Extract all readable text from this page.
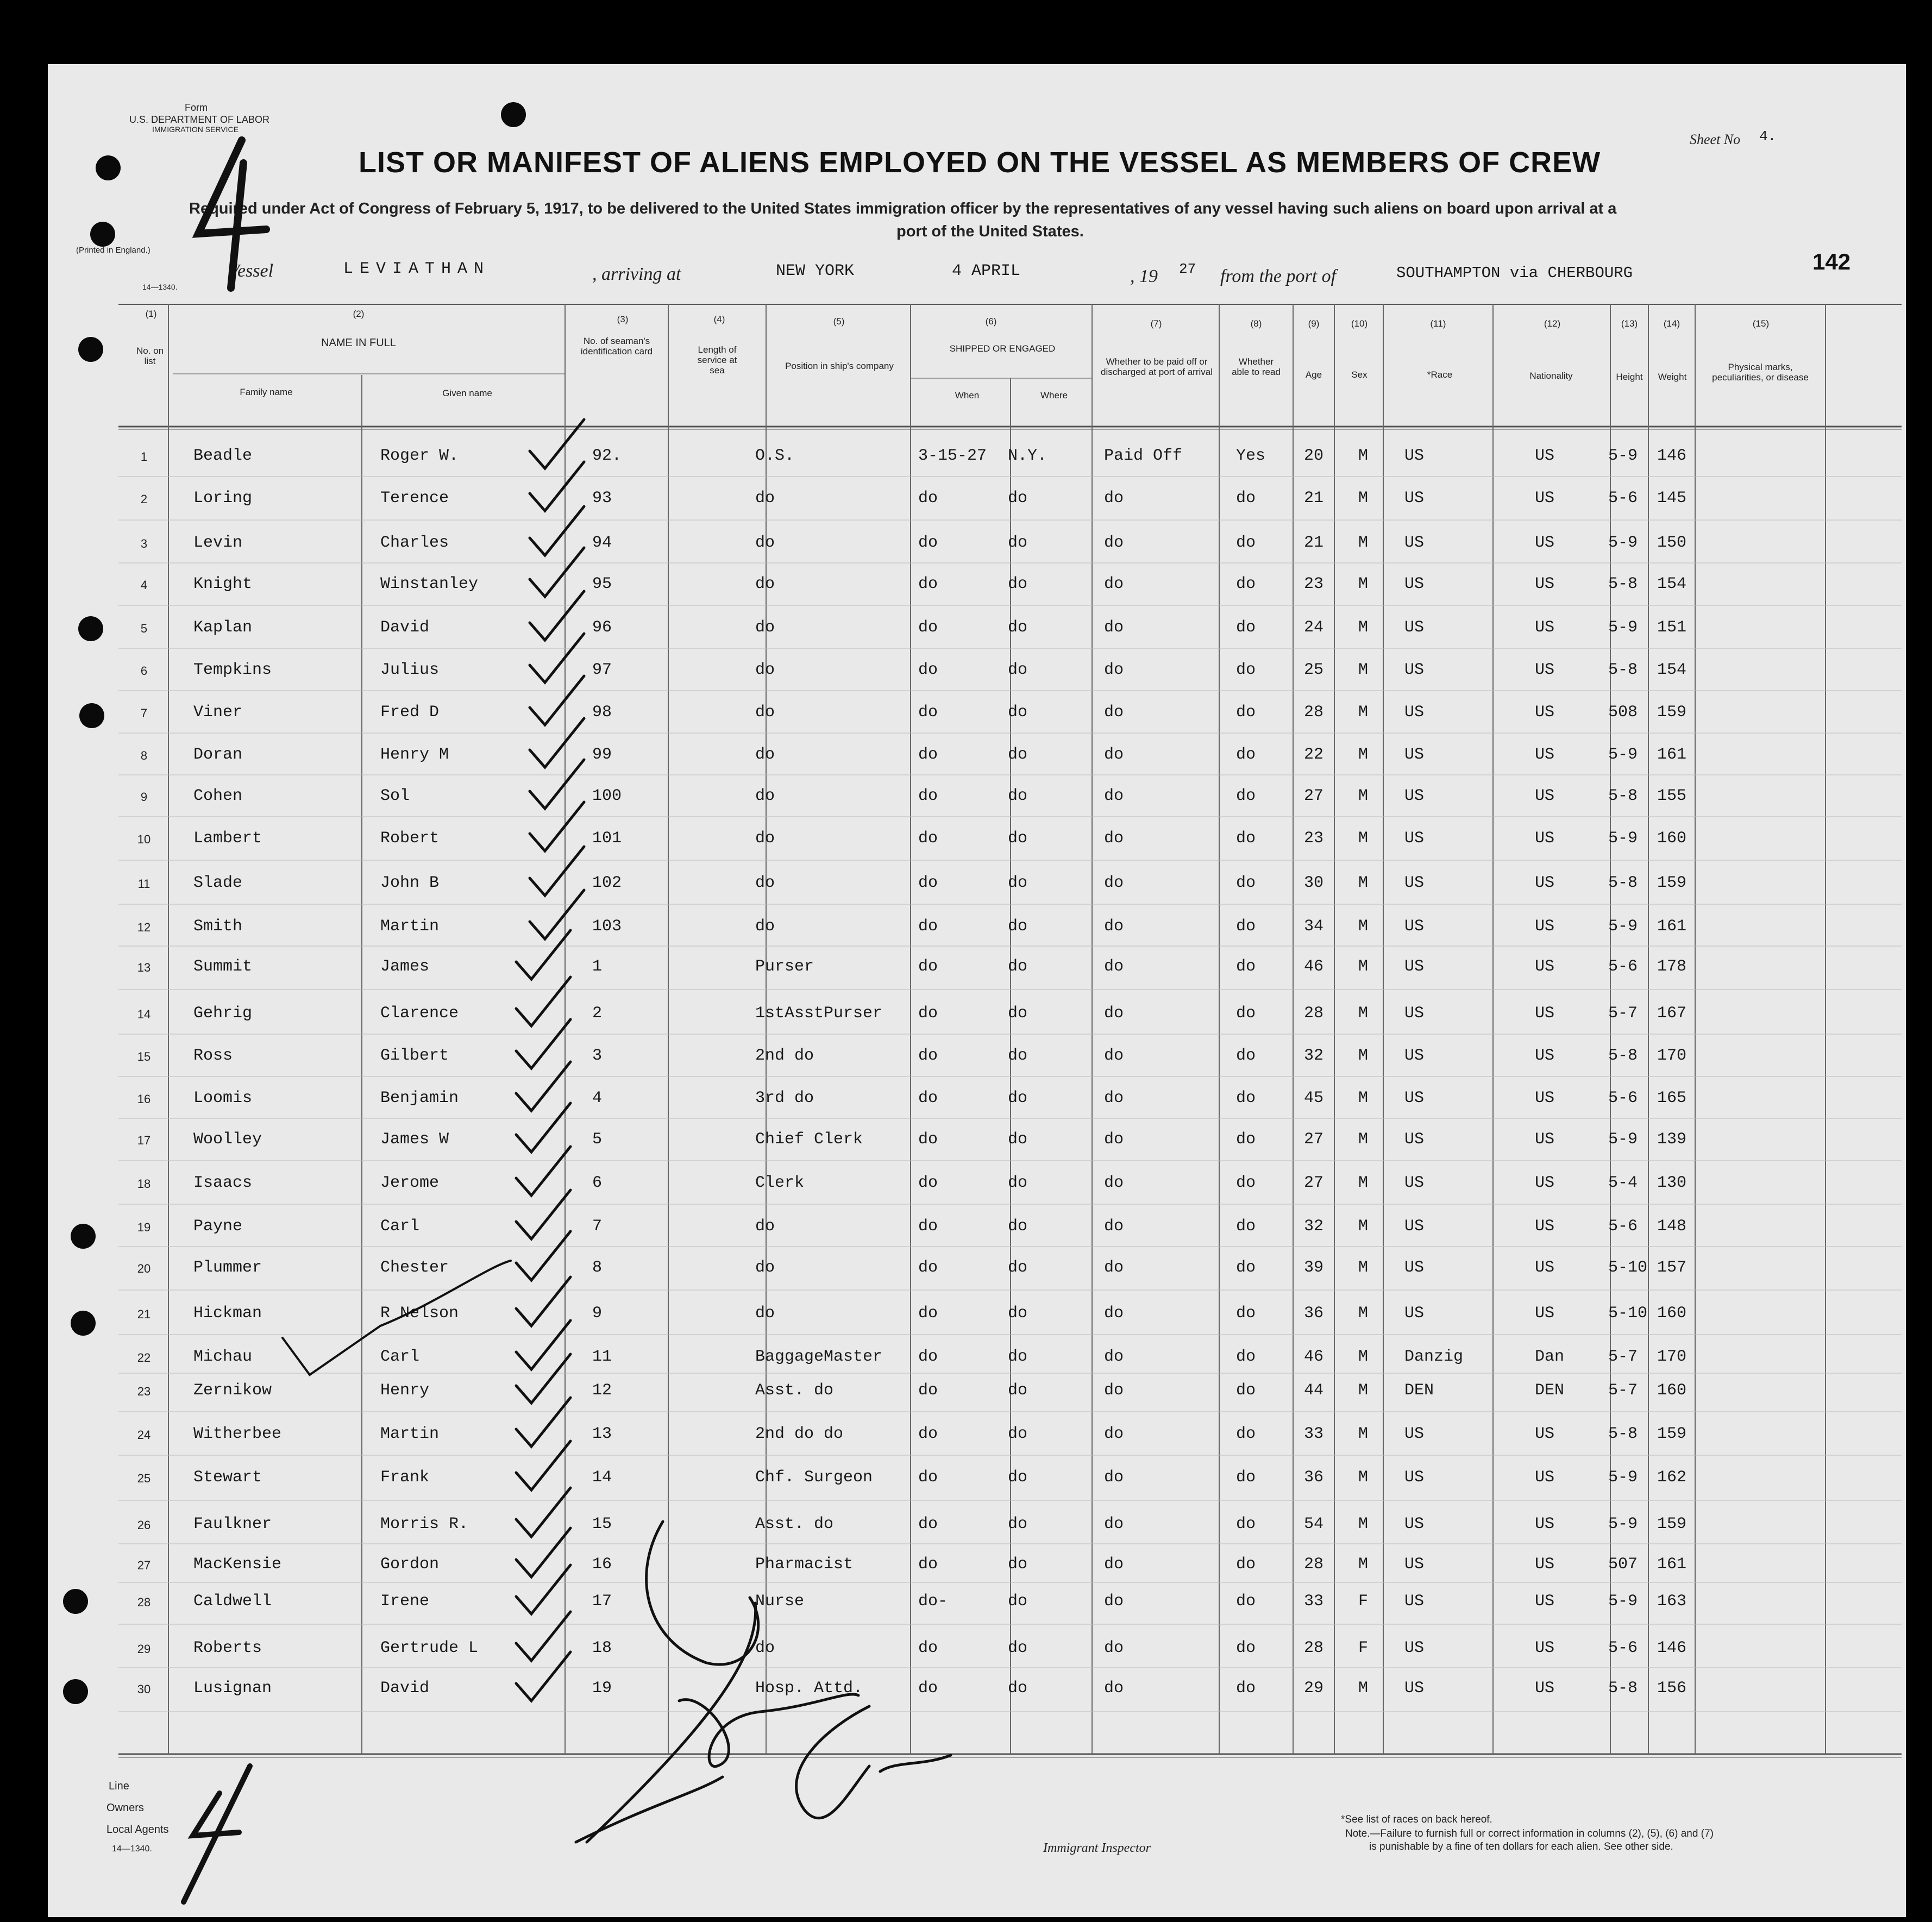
Form
U.S. DEPARTMENT OF LABOR
IMMIGRATION SERVICE
(Printed in England.)
14—1340.
LIST OR MANIFEST OF ALIENS EMPLOYED ON THE VESSEL AS MEMBERS OF CREW
Required under Act of Congress of February 5, 1917, to be delivered to the United States immigration officer by the representatives of any vessel having such aliens on board upon arrival at a
port of the United States.
Sheet No 4.
142
Vessel	LEVIATHAN	, arriving at	NEW YORK	4 APRIL	, 19 27 from the port of	SOUTHAMPTON via CHERBOURG
(1)
No. on list
(2)
NAME IN FULL
Family name	Given name
(3)
No. of seaman's identification card
(4)
Length of service at sea
(5)
Position in ship's company
(6)
SHIPPED OR ENGAGED
When	Where
(7)
Whether to be paid off or discharged at port of arrival
(8)
Whether able to read
(9)
Age
(10)
Sex
(11)
*Race
(12)
Nationality
(13)
Height
(14)
Weight
(15)
Physical marks, peculiarities, or disease
1	Beadle	Roger W.	92.	O.S.	3-15-27 N.Y.	Paid Off	Yes 20 M US	US	5-9 146
2	Loring	Terence	93	do	do	do	do	do	21 M US	US	5-6 145
3	Levin	Charles	94	do	do	do	do	do	21 M US	US	5-9 150
4	Knight	Winstanley	95	do	do	do	do	do	23 M US	US	5-8 154
5	Kaplan	David	96	do	do	do	do	do	24 M US	US	5-9 151
6	Tempkins	Julius	97	do	do	do	do	do	25 M US	US	5-8 154
7	Viner	Fred D	98	do	do	do	do	do	28 M US	US	508 159
8	Doran	Henry M	99	do	do	do	do	do	22 M US	US	5-9 161
9	Cohen	Sol	100	do	do	do	do	do	27 M US	US	5-8 155
10	Lambert	Robert	101	do	do	do	do	do	23 M US	US	5-9 160
11	Slade	John B	102	do	do	do	do	do	30 M US	US	5-8 159
12	Smith	Martin	103	do	do	do	do	do	34 M US	US	5-9 161
13	Summit	James	1	Purser	do	do	do	do	46 M US	US	5-6 178
14	Gehrig	Clarence	2	1stAsstPurser do	do	do	do	28 M US	US	5-7 167
15	Ross	Gilbert	3	2nd do	do	do	do	do	32 M US	US	5-8 170
16	Loomis	Benjamin	4	3rd do	do	do	do	do	45 M US	US	5-6 165
17	Woolley	James W	5	Chief Clerk	do	do	do	do	27 M US	US	5-9 139
18	Isaacs	Jerome	6	Clerk	do	do	do	do	27 M US	US	5-4 130
19	Payne	Carl	7	do	do	do	do	do	32 M US	US	5-6 148
20	Plummer	Chester	8	do	do	do	do	do	39 M US	US	5-10 157
21	Hickman	R Nelson	9	do	do	do	do	do	36 M US	US	5-10 160
22	Michau	Carl	11	BaggageMaster do	do	do	do	46 M Danzig	Dan	5-7 170
23	Zernikow	Henry	12	Asst. do	do	do	do	do	44 M DEN	DEN	5-7 160
24	Witherbee	Martin	13	2nd do do	do	do	do	do	33 M US	US	5-8 159
25	Stewart	Frank	14	Chf. Surgeon	do	do	do	do	36 M US	US	5-9 162
26	Faulkner	Morris R.	15	Asst. do	do	do	do	do	54 M US	US	5-9 159
27	MacKensie	Gordon	16	Pharmacist	do	do	do	do	28 M US	US	507 161
28	Caldwell	Irene	17	Nurse	do-	do	do	do	33 F US	US	5-9 163
29	Roberts	Gertrude L	18	do	do	do	do	do	28 F US	US	5-6 146
30	Lusignan	David	19	Hosp. Attd.	do	do	do	do	29 M US	US	5-8 156
Line
Owners
Local Agents
14—1340.	Immigrant Inspector
*See list of races on back hereof.
Note.—Failure to furnish full or correct information in columns (2), (5), (6) and (7)
is punishable by a fine of ten dollars for each alien. See other side.
